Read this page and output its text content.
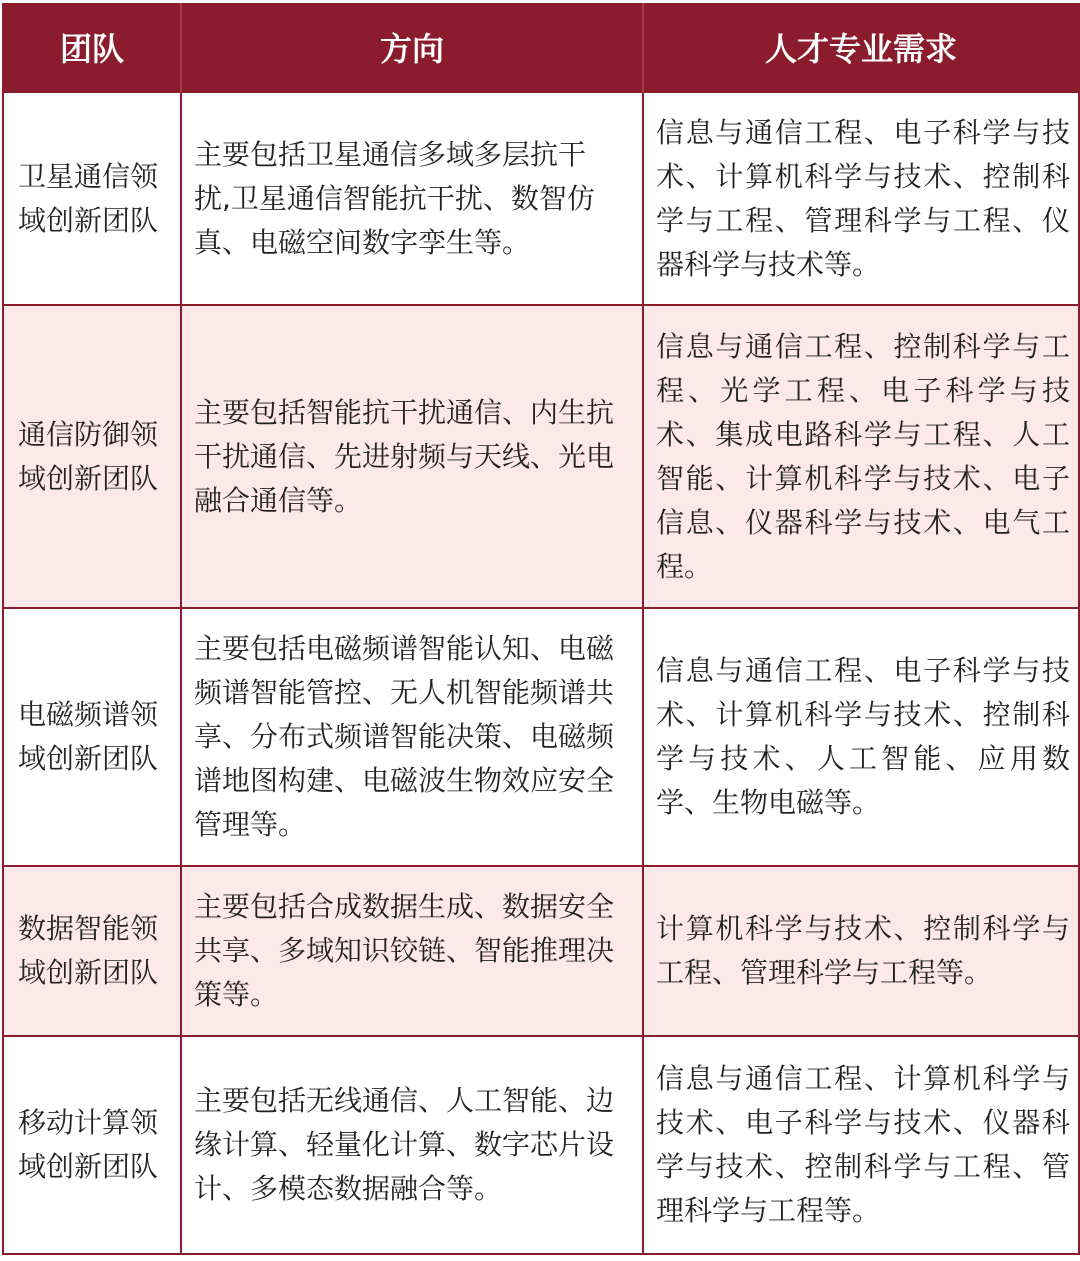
团队	方向	人才专业需求
卫星通信领域创新团队	主要包括卫星通信多域多层抗干扰,卫星通信智能抗干扰、数智仿真、电磁空间数字孪生等。	信息与通信工程、电子科学与技术、计算机科学与技术、控制科学与工程、管理科学与工程、仪器科学与技术等。
通信防御领域创新团队	主要包括智能抗干扰通信、内生抗干扰通信、先进射频与天线、光电融合通信等。	信息与通信工程、控制科学与工程、光学工程、电子科学与技术、集成电路科学与工程、人工智能、计算机科学与技术、电子信息、仪器科学与技术、电气工程。
电磁频谱领域创新团队	主要包括电磁频谱智能认知、电磁频谱智能管控、无人机智能频谱共享、分布式频谱智能决策、电磁频谱地图构建、电磁波生物效应安全管理等。	信息与通信工程、电子科学与技术、计算机科学与技术、控制科学与技术、人工智能、应用数学、生物电磁等。
数据智能领域创新团队	主要包括合成数据生成、数据安全共享、多域知识铰链、智能推理决策等。	计算机科学与技术、控制科学与工程、管理科学与工程等。
移动计算领域创新团队	主要包括无线通信、人工智能、边缘计算、轻量化计算、数字芯片设计、多模态数据融合等。	信息与通信工程、计算机科学与技术、电子科学与技术、仪器科学与技术、控制科学与工程、管理科学与工程等。
